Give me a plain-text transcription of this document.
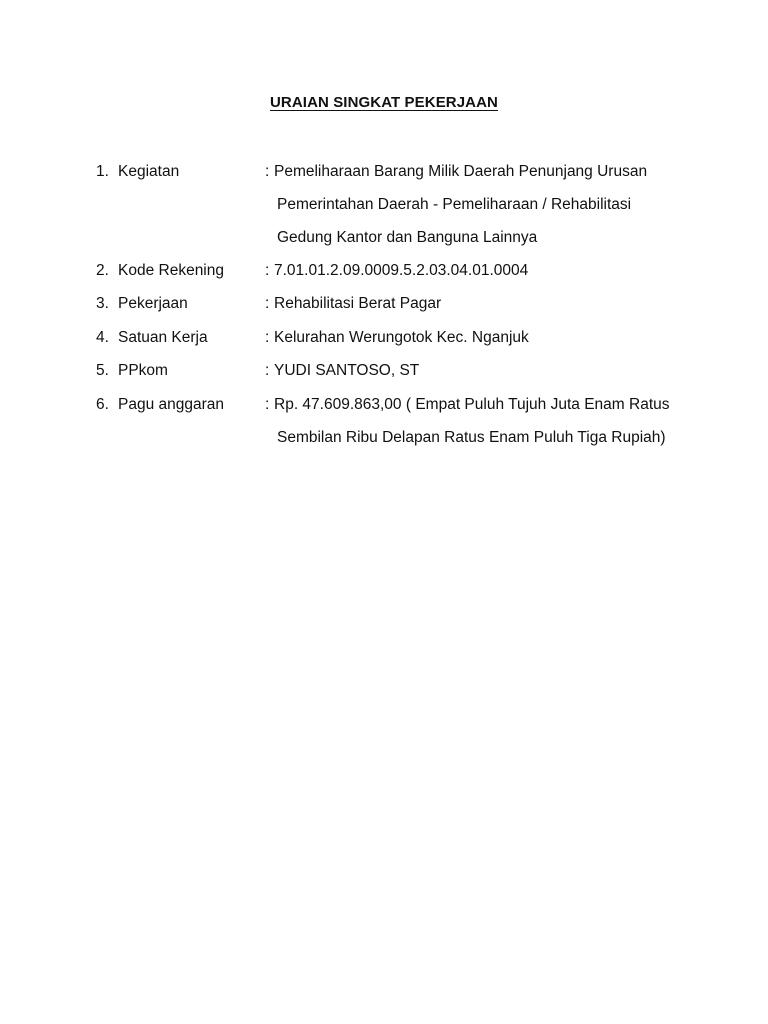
URAIAN SINGKAT PEKERJAAN
1. Kegiatan	: Pemeliharaan Barang Milik Daerah Penunjang Urusan
Pemerintahan Daerah - Pemeliharaan / Rehabilitasi
Gedung Kantor dan Banguna Lainnya
2. Kode Rekening	: 7.01.01.2.09.0009.5.2.03.04.01.0004
3. Pekerjaan	: Rehabilitasi Berat Pagar
4. Satuan Kerja	: Kelurahan Werungotok Kec. Nganjuk
5. PPkom	: YUDI SANTOSO, ST
6. Pagu anggaran	: Rp. 47.609.863,00 ( Empat Puluh Tujuh Juta Enam Ratus
Sembilan Ribu Delapan Ratus Enam Puluh Tiga Rupiah)
